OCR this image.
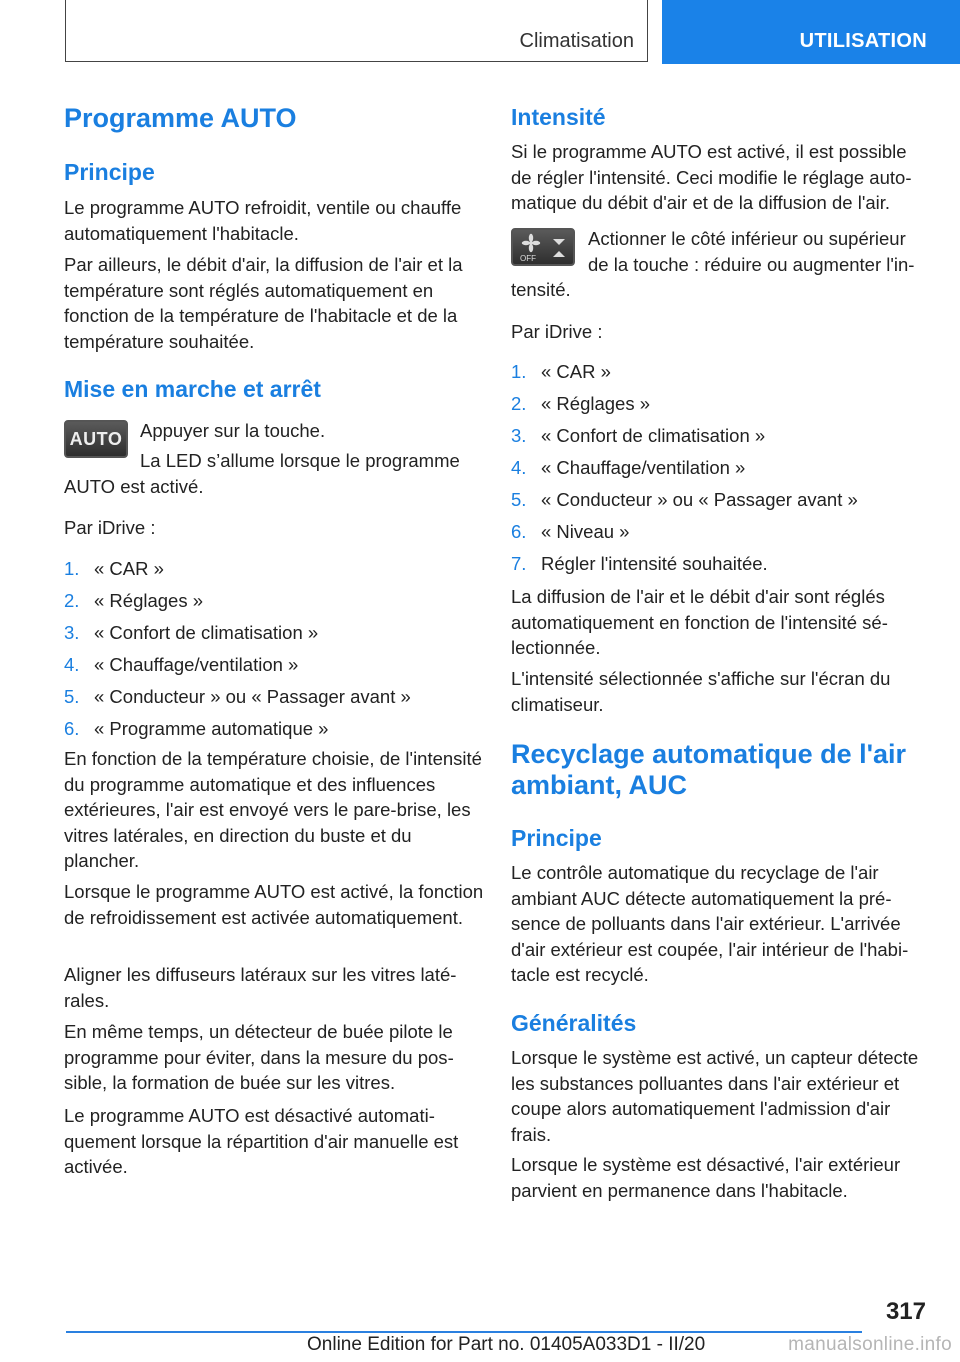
Climatisation	UTILISATION
Programme AUTO
Principe

Le programme AUTO refroidit, ventile ou chauffe automatiquement l'habitacle.

Par ailleurs, le débit d'air, la diffusion de l'air et la température sont réglés automatiquement en fonction de la température de l'habitacle et de la température souhaitée.

Mise en marche et arrêt
AUTO Appuyer sur la touche.

La LED s’allume lorsque le programme

AUTO est activé.

Par iDrive :

1. « CAR »
2. « Réglages »
3. « Confort de climatisation »
4. « Chauffage/ventilation »
5. « Conducteur » ou « Passager avant »
6. « Programme automatique »

En fonction de la température choisie, de l'intensité du programme automatique et des influences extérieures, l'air est envoyé vers le pare-brise, les vitres latérales, en direction du buste et du plancher.

Lorsque le programme AUTO est activé, la fonction de refroidissement est activée automatiquement.

Aligner les diffuseurs latéraux sur les vitres latérales.

En même temps, un détecteur de buée pilote le programme pour éviter, dans la mesure du possible, la formation de buée sur les vitres.

Le programme AUTO est désactivé automatiquement lorsque la répartition d'air manuelle est activée.

Intensité

Si le programme AUTO est activé, il est possible de régler l'intensité. Ceci modifie le réglage automatique du débit d'air et de la diffusion de l'air.

OFF

Actionner le côté inférieur ou supérieur

de la touche : réduire ou augmenter l'in-

tensité.

Par iDrive :

1. « CAR »
2. « Réglages »
3. « Confort de climatisation »
4. « Chauffage/ventilation »
5. « Conducteur » ou « Passager avant »
6. « Niveau »
7. Régler l'intensité souhaitée.

La diffusion de l'air et le débit d'air sont réglés automatiquement en fonction de l'intensité sélectionnée.

L'intensité sélectionnée s'affiche sur l'écran du climatiseur.

Recyclage automatique de l'air ambiant, AUC
Principe

Le contrôle automatique du recyclage de l'air ambiant AUC détecte automatiquement la présence de polluants dans l'air extérieur. L'arrivée d'air extérieur est coupée, l'air intérieur de l'habitacle est recyclé.

Généralités

Lorsque le système est activé, un capteur détecte les substances polluantes dans l'air extérieur et coupe alors automatiquement l'admission d'air frais.

Lorsque le système est désactivé, l'air extérieur parvient en permanence dans l'habitacle.

317
Online Edition for Part no. 01405A033D1 - II/20	manualsonline.info
